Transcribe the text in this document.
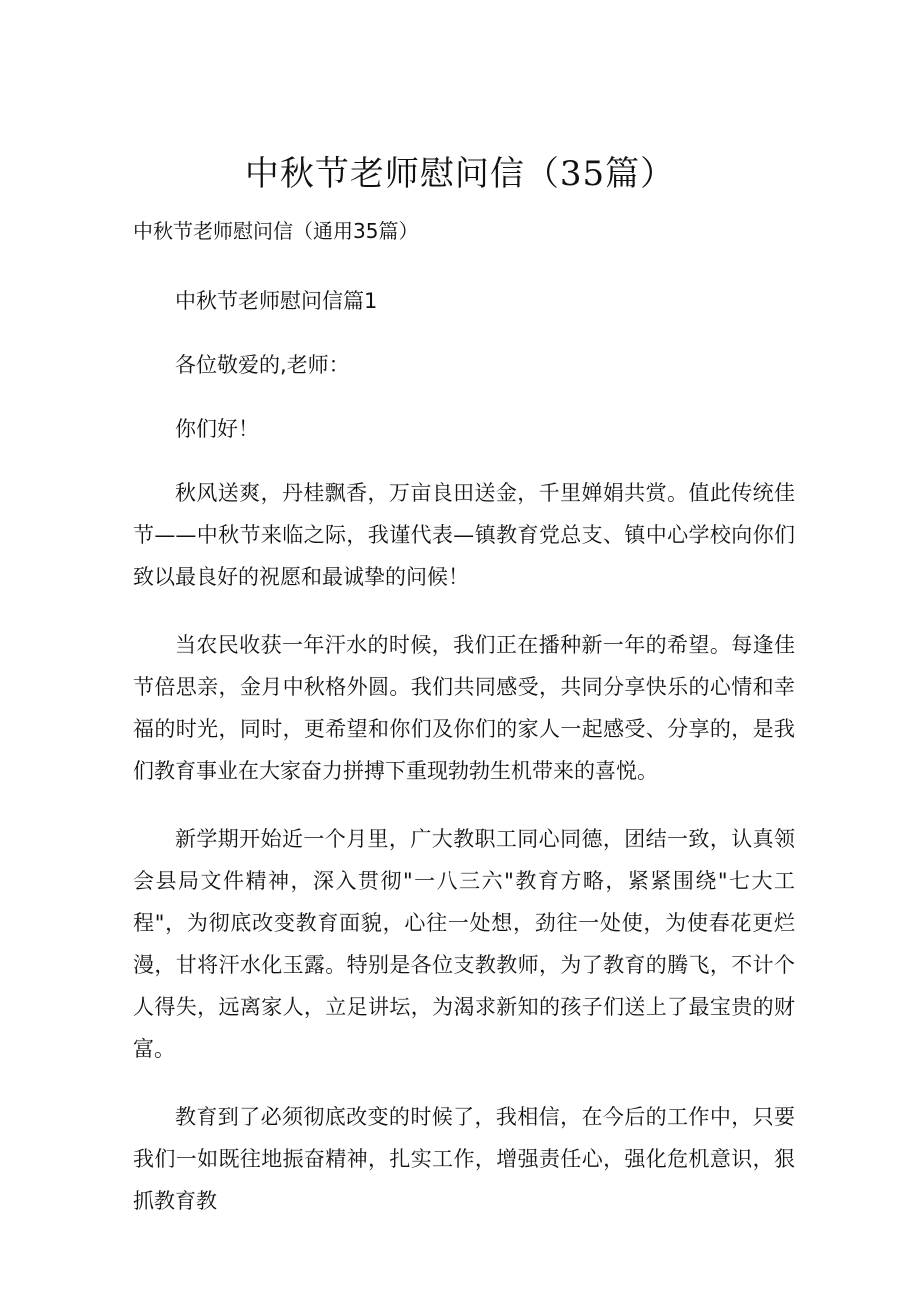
中秋节老师慰问信（35篇）

中秋节老师慰问信（通用35篇）

中秋节老师慰问信篇1

各位敬爱的,老师：

你们好！

秋风送爽，丹桂飘香，万亩良田送金，千里婵娟共赏。值此传统佳节——中秋节来临之际，我谨代表—镇教育党总支、镇中心学校向你们致以最良好的祝愿和最诚挚的问候！

当农民收获一年汗水的时候，我们正在播种新一年的希望。每逢佳节倍思亲，金月中秋格外圆。我们共同感受，共同分享快乐的心情和幸福的时光，同时，更希望和你们及你们的家人一起感受、分享的，是我们教育事业在大家奋力拼搏下重现勃勃生机带来的喜悦。

新学期开始近一个月里，广大教职工同心同德，团结一致，认真领会县局文件精神，深入贯彻"一八三六"教育方略，紧紧围绕"七大工程"，为彻底改变教育面貌，心往一处想，劲往一处使，为使春花更烂漫，甘将汗水化玉露。特别是各位支教教师，为了教育的腾飞，不计个人得失，远离家人，立足讲坛，为渴求新知的孩子们送上了最宝贵的财富。

教育到了必须彻底改变的时候了，我相信，在今后的工作中，只要我们一如既往地振奋精神，扎实工作，增强责任心，强化危机意识，狠抓教育教
